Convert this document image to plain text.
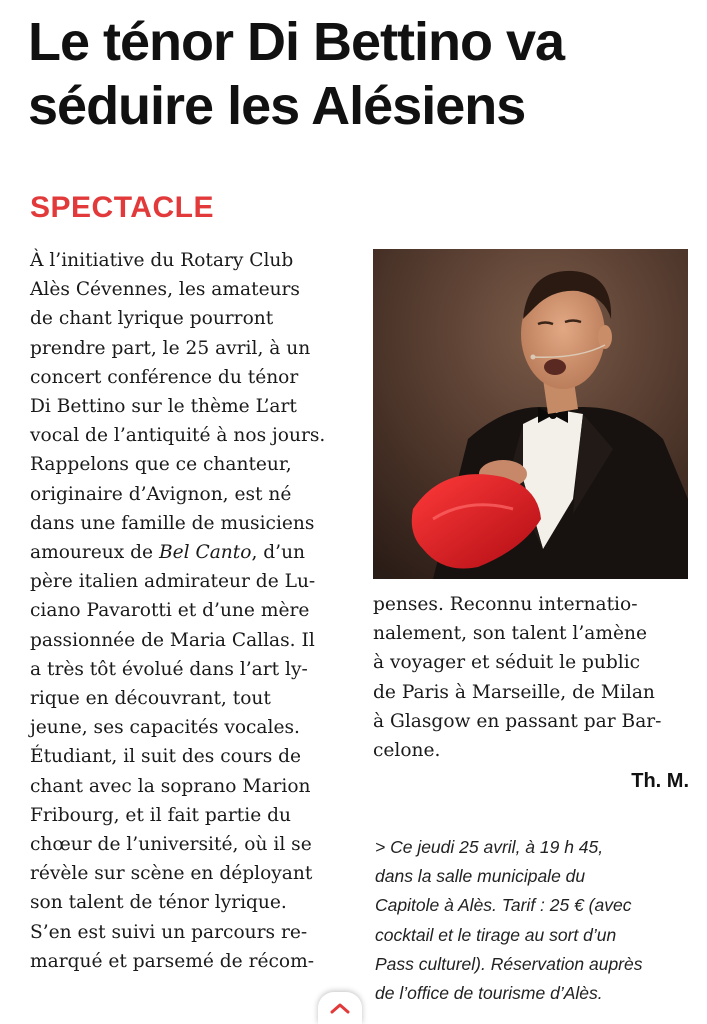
Le ténor Di Bettino va séduire les Alésiens
SPECTACLE

À l’initiative du Rotary Club

Alès Cévennes, les amateurs

de chant lyrique pourront

prendre part, le 25 avril, à un

concert conférence du ténor

Di Bettino sur le thème L’art

vocal de l’antiquité à nos jours.

Rappelons que ce chanteur,

originaire d’Avignon, est né

dans une famille de musiciens

amoureux de Bel Canto, d’un

père italien admirateur de Lu-

ciano Pavarotti et d’une mère

passionnée de Maria Callas. Il

a très tôt évolué dans l’art ly-

rique en découvrant, tout

jeune, ses capacités vocales.

Étudiant, il suit des cours de

chant avec la soprano Marion

Fribourg, et il fait partie du

chœur de l’université, où il se

révèle sur scène en déployant

son talent de ténor lyrique.

S’en est suivi un parcours re-

marqué et parsemé de récom-

penses. Reconnu internatio-

nalement, son talent l’amène

à voyager et séduit le public

de Paris à Marseille, de Milan

à Glasgow en passant par Bar-

celone.

Th. M.

> Ce jeudi 25 avril, à 19 h 45,

dans la salle municipale du

Capitole à Alès. Tarif : 25 € (avec

cocktail et le tirage au sort d’un

Pass culturel). Réservation auprès

de l’office de tourisme d’Alès.
